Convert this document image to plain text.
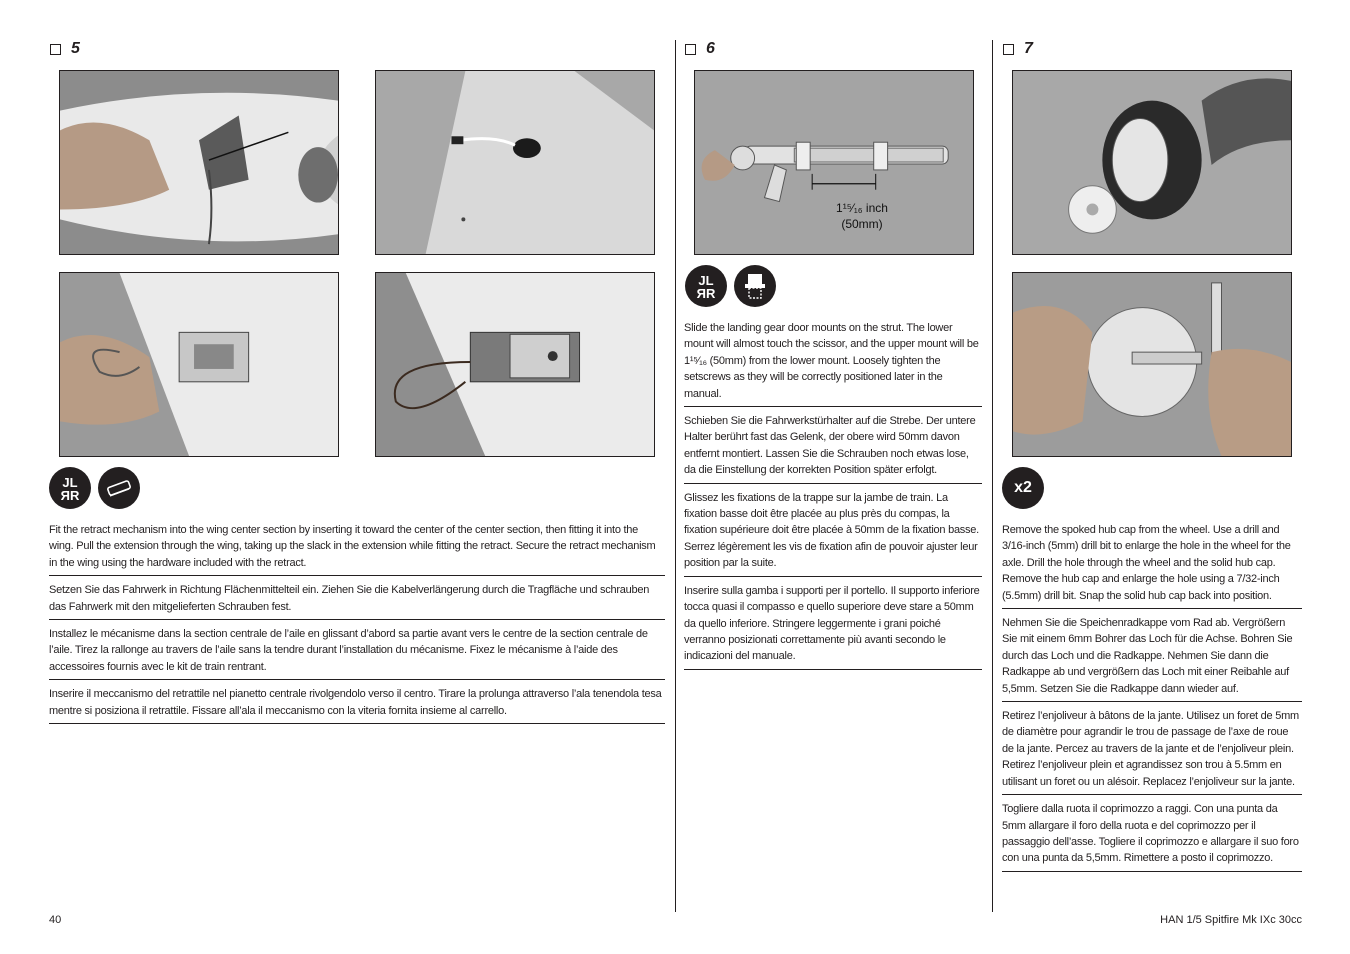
5	6	7
JL
ЯR
Fit the retract mechanism into the wing center section by inserting it toward the center of the center section, then fitting it into the wing. Pull the extension through the wing, taking up the slack in the extension while fitting the retract. Secure the retract mechanism in the wing using the hardware included with the retract.
Setzen Sie das Fahrwerk in Richtung Flächenmittelteil ein. Ziehen Sie die Kabelverlängerung durch die Tragfläche und schrauben das Fahrwerk mit den mitgelieferten Schrauben fest.
Installez le mécanisme dans la section centrale de l’aile en glissant d’abord sa partie avant vers le centre de la section centrale de l’aile. Tirez la rallonge au travers de l’aile sans la tendre durant l’installation du mécanisme. Fixez le mécanisme à l’aide des accessoires fournis avec le kit de train rentrant.
Inserire il meccanismo del retrattile nel pianetto centrale rivolgendolo verso il centro. Tirare la prolunga attraverso l’ala tenendola tesa mentre si posiziona il retrattile. Fissare all’ala il meccanismo con la viteria fornita insieme al carrello.
1¹⁵⁄₁₆ inch
(50mm)
JL
ЯR
Slide the landing gear door mounts on the strut. The lower mount will almost touch the scissor, and the upper mount will be 1¹⁵⁄₁₆ (50mm) from the lower mount. Loosely tighten the setscrews as they will be correctly positioned later in the manual.
Schieben Sie die Fahrwerkstürhalter auf die Strebe. Der untere Halter berührt fast das Gelenk, der obere wird 50mm davon entfernt montiert. Lassen Sie die Schrauben noch etwas lose, da die Einstellung der korrekten Position später erfolgt.
Glissez les fixations de la trappe sur la jambe de train. La fixation basse doit être placée au plus près du compas, la fixation supérieure doit être placée à 50mm de la fixation basse. Serrez légèrement les vis de fixation afin de pouvoir ajuster leur position par la suite.
Inserire sulla gamba i supporti per il portello. Il supporto inferiore tocca quasi il compasso e quello superiore deve stare a 50mm da quello inferiore. Stringere leggermente i grani poiché verranno posizionati correttamente più avanti secondo le indicazioni del manuale.
x2
Remove the spoked hub cap from the wheel. Use a drill and 3/16-inch (5mm) drill bit to enlarge the hole in the wheel for the axle. Drill the hole through the wheel and the solid hub cap. Remove the hub cap and enlarge the hole using a 7/32-inch (5.5mm) drill bit. Snap the solid hub cap back into position.
Nehmen Sie die Speichenradkappe vom Rad ab. Vergrößern Sie mit einem 6mm Bohrer das Loch für die Achse. Bohren Sie durch das Loch und die Radkappe. Nehmen Sie dann die Radkappe ab und vergrößern das Loch mit einer Reibahle auf 5,5mm. Setzen Sie die Radkappe dann wieder auf.
Retirez l’enjoliveur à bâtons de la jante. Utilisez un foret de 5mm de diamètre pour agrandir le trou de passage de l’axe de roue de la jante. Percez au travers de la jante et de l’enjoliveur plein. Retirez l’enjoliveur plein et agrandissez son trou à 5.5mm en utilisant un foret ou un alésoir. Replacez l’enjoliveur sur la jante.
Togliere dalla ruota il coprimozzo a raggi. Con una punta da 5mm allargare il foro della ruota e del coprimozzo per il passaggio dell’asse. Togliere il coprimozzo e allargare il suo foro con una punta da 5,5mm. Rimettere a posto il coprimozzo.
40	HAN 1/5 Spitfire Mk IXc 30cc
